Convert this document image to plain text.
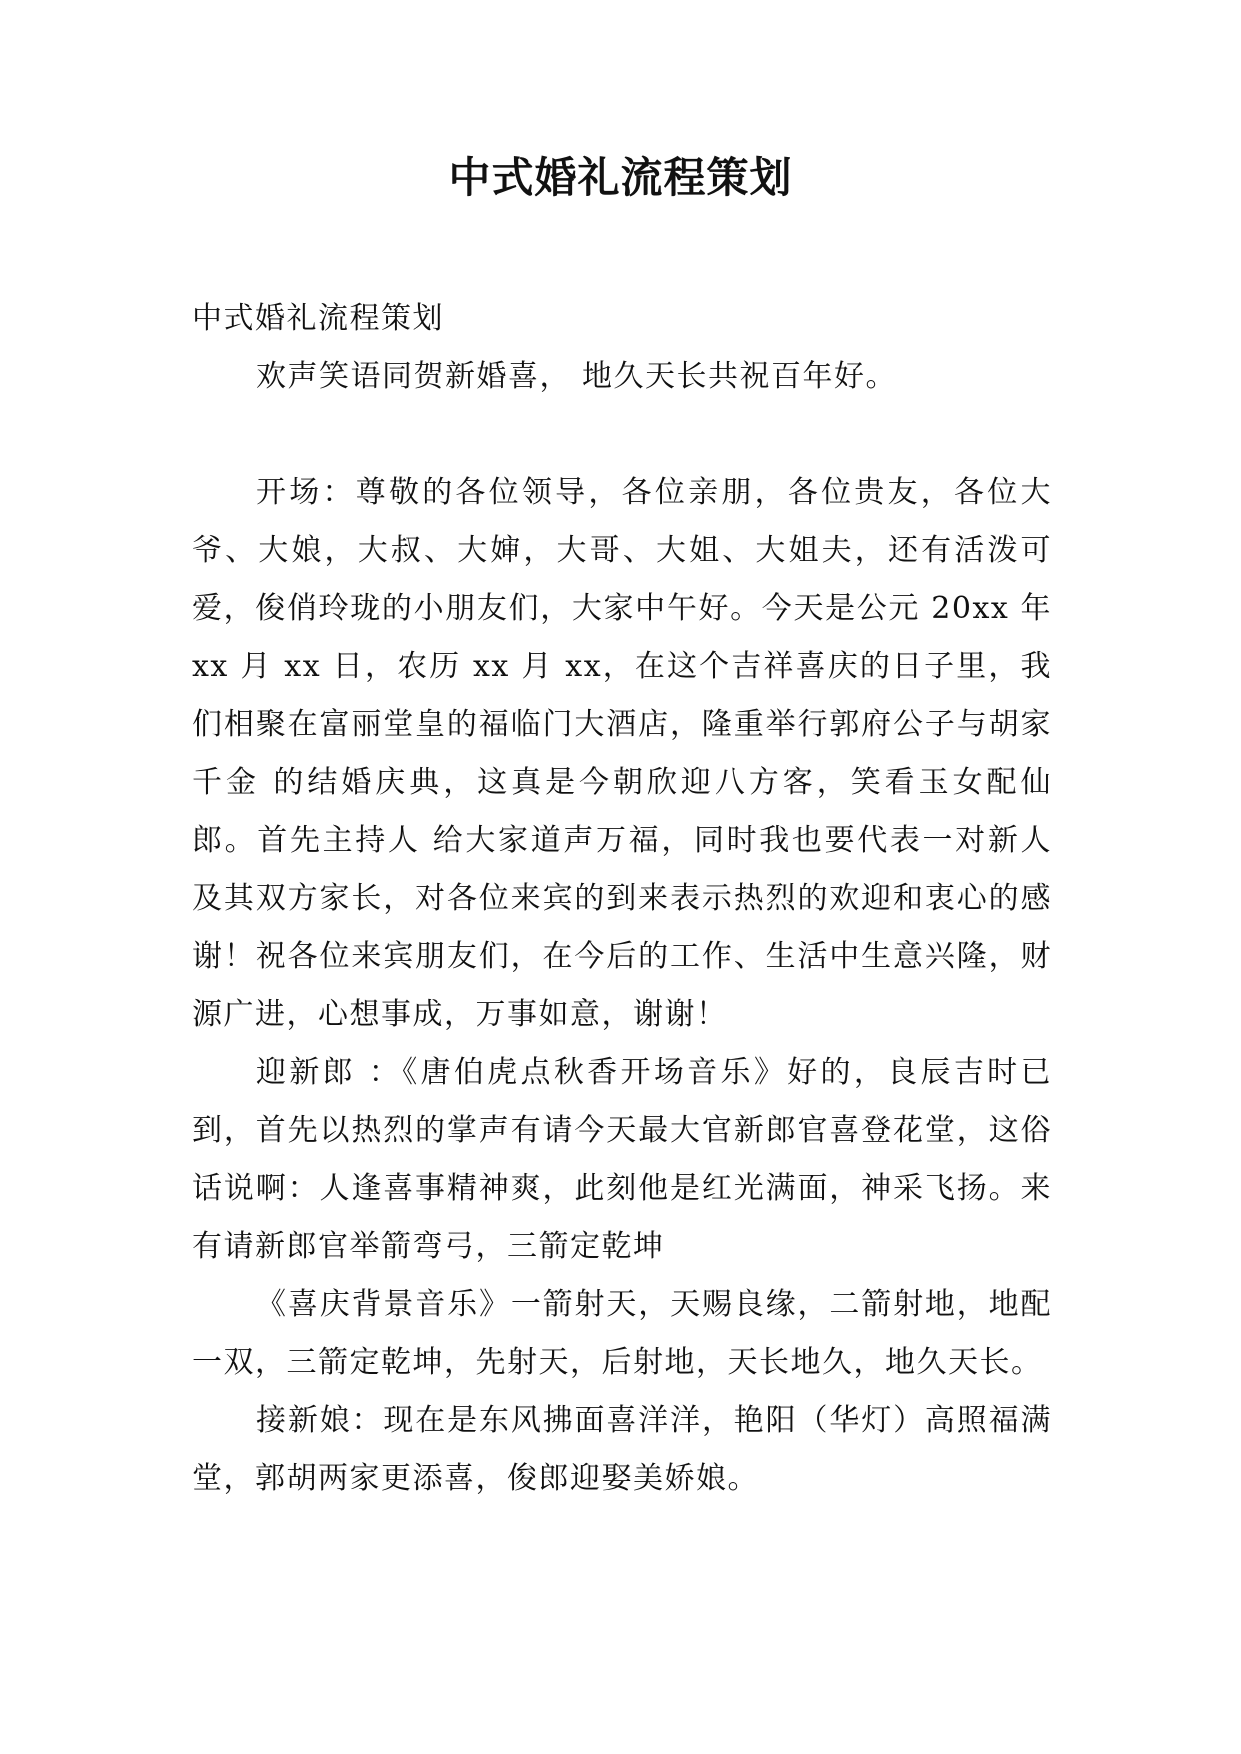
中式婚礼流程策划

中式婚礼流程策划

欢声笑语同贺新婚喜， 地久天长共祝百年好。

开场：尊敬的各位领导，各位亲朋，各位贵友，各位大爷、大娘，大叔、大婶，大哥、大姐、大姐夫，还有活泼可爱，俊俏玲珑的小朋友们，大家中午好。今天是公元 20xx 年 xx 月 xx 日，农历 xx 月 xx，在这个吉祥喜庆的日子里，我们相聚在富丽堂皇的福临门大酒店，隆重举行郭府公子与胡家千金 的结婚庆典，这真是今朝欣迎八方客，笑看玉女配仙郎。首先主持人 给大家道声万福，同时我也要代表一对新人及其双方家长，对各位来宾的到来表示热烈的欢迎和衷心的感谢！祝各位来宾朋友们，在今后的工作、生活中生意兴隆，财源广进，心想事成，万事如意，谢谢！

迎新郎 ：《唐伯虎点秋香开场音乐》好的，良辰吉时已到，首先以热烈的掌声有请今天最大官新郎官喜登花堂，这俗话说啊：人逢喜事精神爽，此刻他是红光满面，神采飞扬。来有请新郎官举箭弯弓，三箭定乾坤

《喜庆背景音乐》一箭射天，天赐良缘，二箭射地，地配一双，三箭定乾坤，先射天，后射地，天长地久，地久天长。

接新娘：现在是东风拂面喜洋洋，艳阳（华灯）高照福满堂，郭胡两家更添喜，俊郎迎娶美娇娘。
